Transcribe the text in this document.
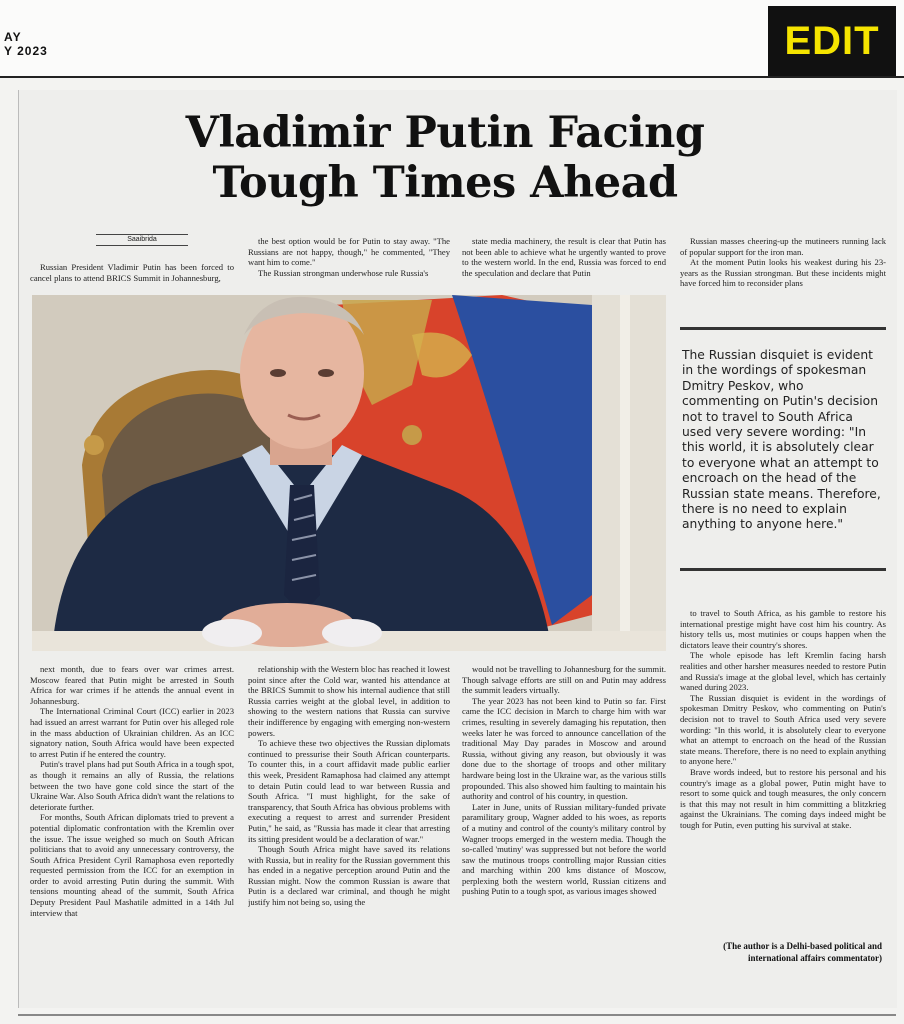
AY
Y 2023	EDIT
Vladimir Putin Facing
Tough Times Ahead
Saaibrida

Russian President Vladimir Putin has been forced to cancel plans to attend BRICS Summit in Johannesburg,

the best option would be for Putin to stay away. "The Russians are not happy, though," he commented, "They want him to come."

The Russian strongman underwhose rule Russia's

state media machinery, the result is clear that Putin has not been able to achieve what he urgently wanted to prove to the western world. In the end, Russia was forced to end the speculation and declare that Putin

Russian masses cheering-up the mutineers running lack of popular support for the iron man.

At the moment Putin looks his weakest during his 23-years as the Russian strongman. But these incidents might have forced him to reconsider plans

The Russian disquiet is evident in the wordings of spokesman Dmitry Peskov, who commenting on Putin's decision not to travel to South Africa used very severe wording: "In this world, it is absolutely clear to everyone what an attempt to encroach on the head of the Russian state means. Therefore, there is no need to explain anything to anyone here."

next month, due to fears over war crimes arrest. Moscow feared that Putin might be arrested in South Africa for war crimes if he attends the annual event in Johannesburg.

The International Criminal Court (ICC) earlier in 2023 had issued an arrest warrant for Putin over his alleged role in the mass abduction of Ukrainian children. As an ICC signatory nation, South Africa would have been expected to arrest Putin if he entered the country.

Putin's travel plans had put South Africa in a tough spot, as though it remains an ally of Russia, the relations between the two have gone cold since the start of the Ukraine War. Also South Africa didn't want the relations to deteriorate further.

For months, South African diplomats tried to prevent a potential diplomatic confrontation with the Kremlin over the issue. The issue weighed so much on South African politicians that to avoid any unnecessary controversy, the South Africa President Cyril Ramaphosa even reportedly requested permission from the ICC for an exemption in order to avoid arresting Putin during the summit. With tensions mounting ahead of the summit, South Africa Deputy President Paul Mashatile admitted in a 14th Jul interview that

relationship with the Western bloc has reached it lowest point since after the Cold war, wanted his attendance at the BRICS Summit to show his internal audience that still Russia carries weight at the global level, in addition to showing to the western nations that Russia can survive their indifference by engaging with emerging non-western powers.

To achieve these two objectives the Russian diplomats continued to pressurise their South African counterparts. To counter this, in a court affidavit made public earlier this week, President Ramaphosa had claimed any attempt to detain Putin could lead to war between Russia and South Africa. "I must highlight, for the sake of transparency, that South Africa has obvious problems with executing a request to arrest and surrender President Putin," he said, as "Russia has made it clear that arresting its sitting president would be a declaration of war."

Though South Africa might have saved its relations with Russia, but in reality for the Russian government this has ended in a negative perception around Putin and the Russian might. Now the common Russian is aware that Putin is a declared war criminal, and though he might justify him not being so, using the

would not be travelling to Johannesburg for the summit. Though salvage efforts are still on and Putin may address the summit leaders virtually.

The year 2023 has not been kind to Putin so far. First came the ICC decision in March to charge him with war crimes, resulting in severely damaging his reputation, then weeks later he was forced to announce cancellation of the traditional May Day parades in Moscow and around Russia, without giving any reason, but obviously it was done due to the shortage of troops and other military hardware being lost in the Ukraine war, as the various stills propounded. This also showed him faulting to maintain his authority and control of his country, in question.

Later in June, units of Russian military-funded private paramilitary group, Wagner added to his woes, as reports of a mutiny and control of the county's military control by Wagner troops emerged in the western media. Though the so-called 'mutiny' was suppressed but not before the world saw the mutinous troops controlling major Russian cities and marching within 200 kms distance of Moscow, perplexing both the western world, Russian citizens and pushing Putin to a tough spot, as various images showed

to travel to South Africa, as his gamble to restore his international prestige might have cost him his country. As history tells us, most mutinies or coups happen when the dictators leave their country's shores.

The whole episode has left Kremlin facing harsh realities and other harsher measures needed to restore Putin and Russia's image at the global level, which has certainly waned during 2023.

The Russian disquiet is evident in the wordings of spokesman Dmitry Peskov, who commenting on Putin's decision not to travel to South Africa used very severe wording: "In this world, it is absolutely clear to everyone what an attempt to encroach on the head of the Russian state means. Therefore, there is no need to explain anything to anyone here."

Brave words indeed, but to restore his personal and his country's image as a global power, Putin might have to resort to some quick and tough measures, the only concern is that this may not result in him committing a blitzkrieg against the Ukrainians. The coming days indeed might be tough for Putin, even putting his survival at stake.

(The author is a Delhi-based political and international affairs commentator)
